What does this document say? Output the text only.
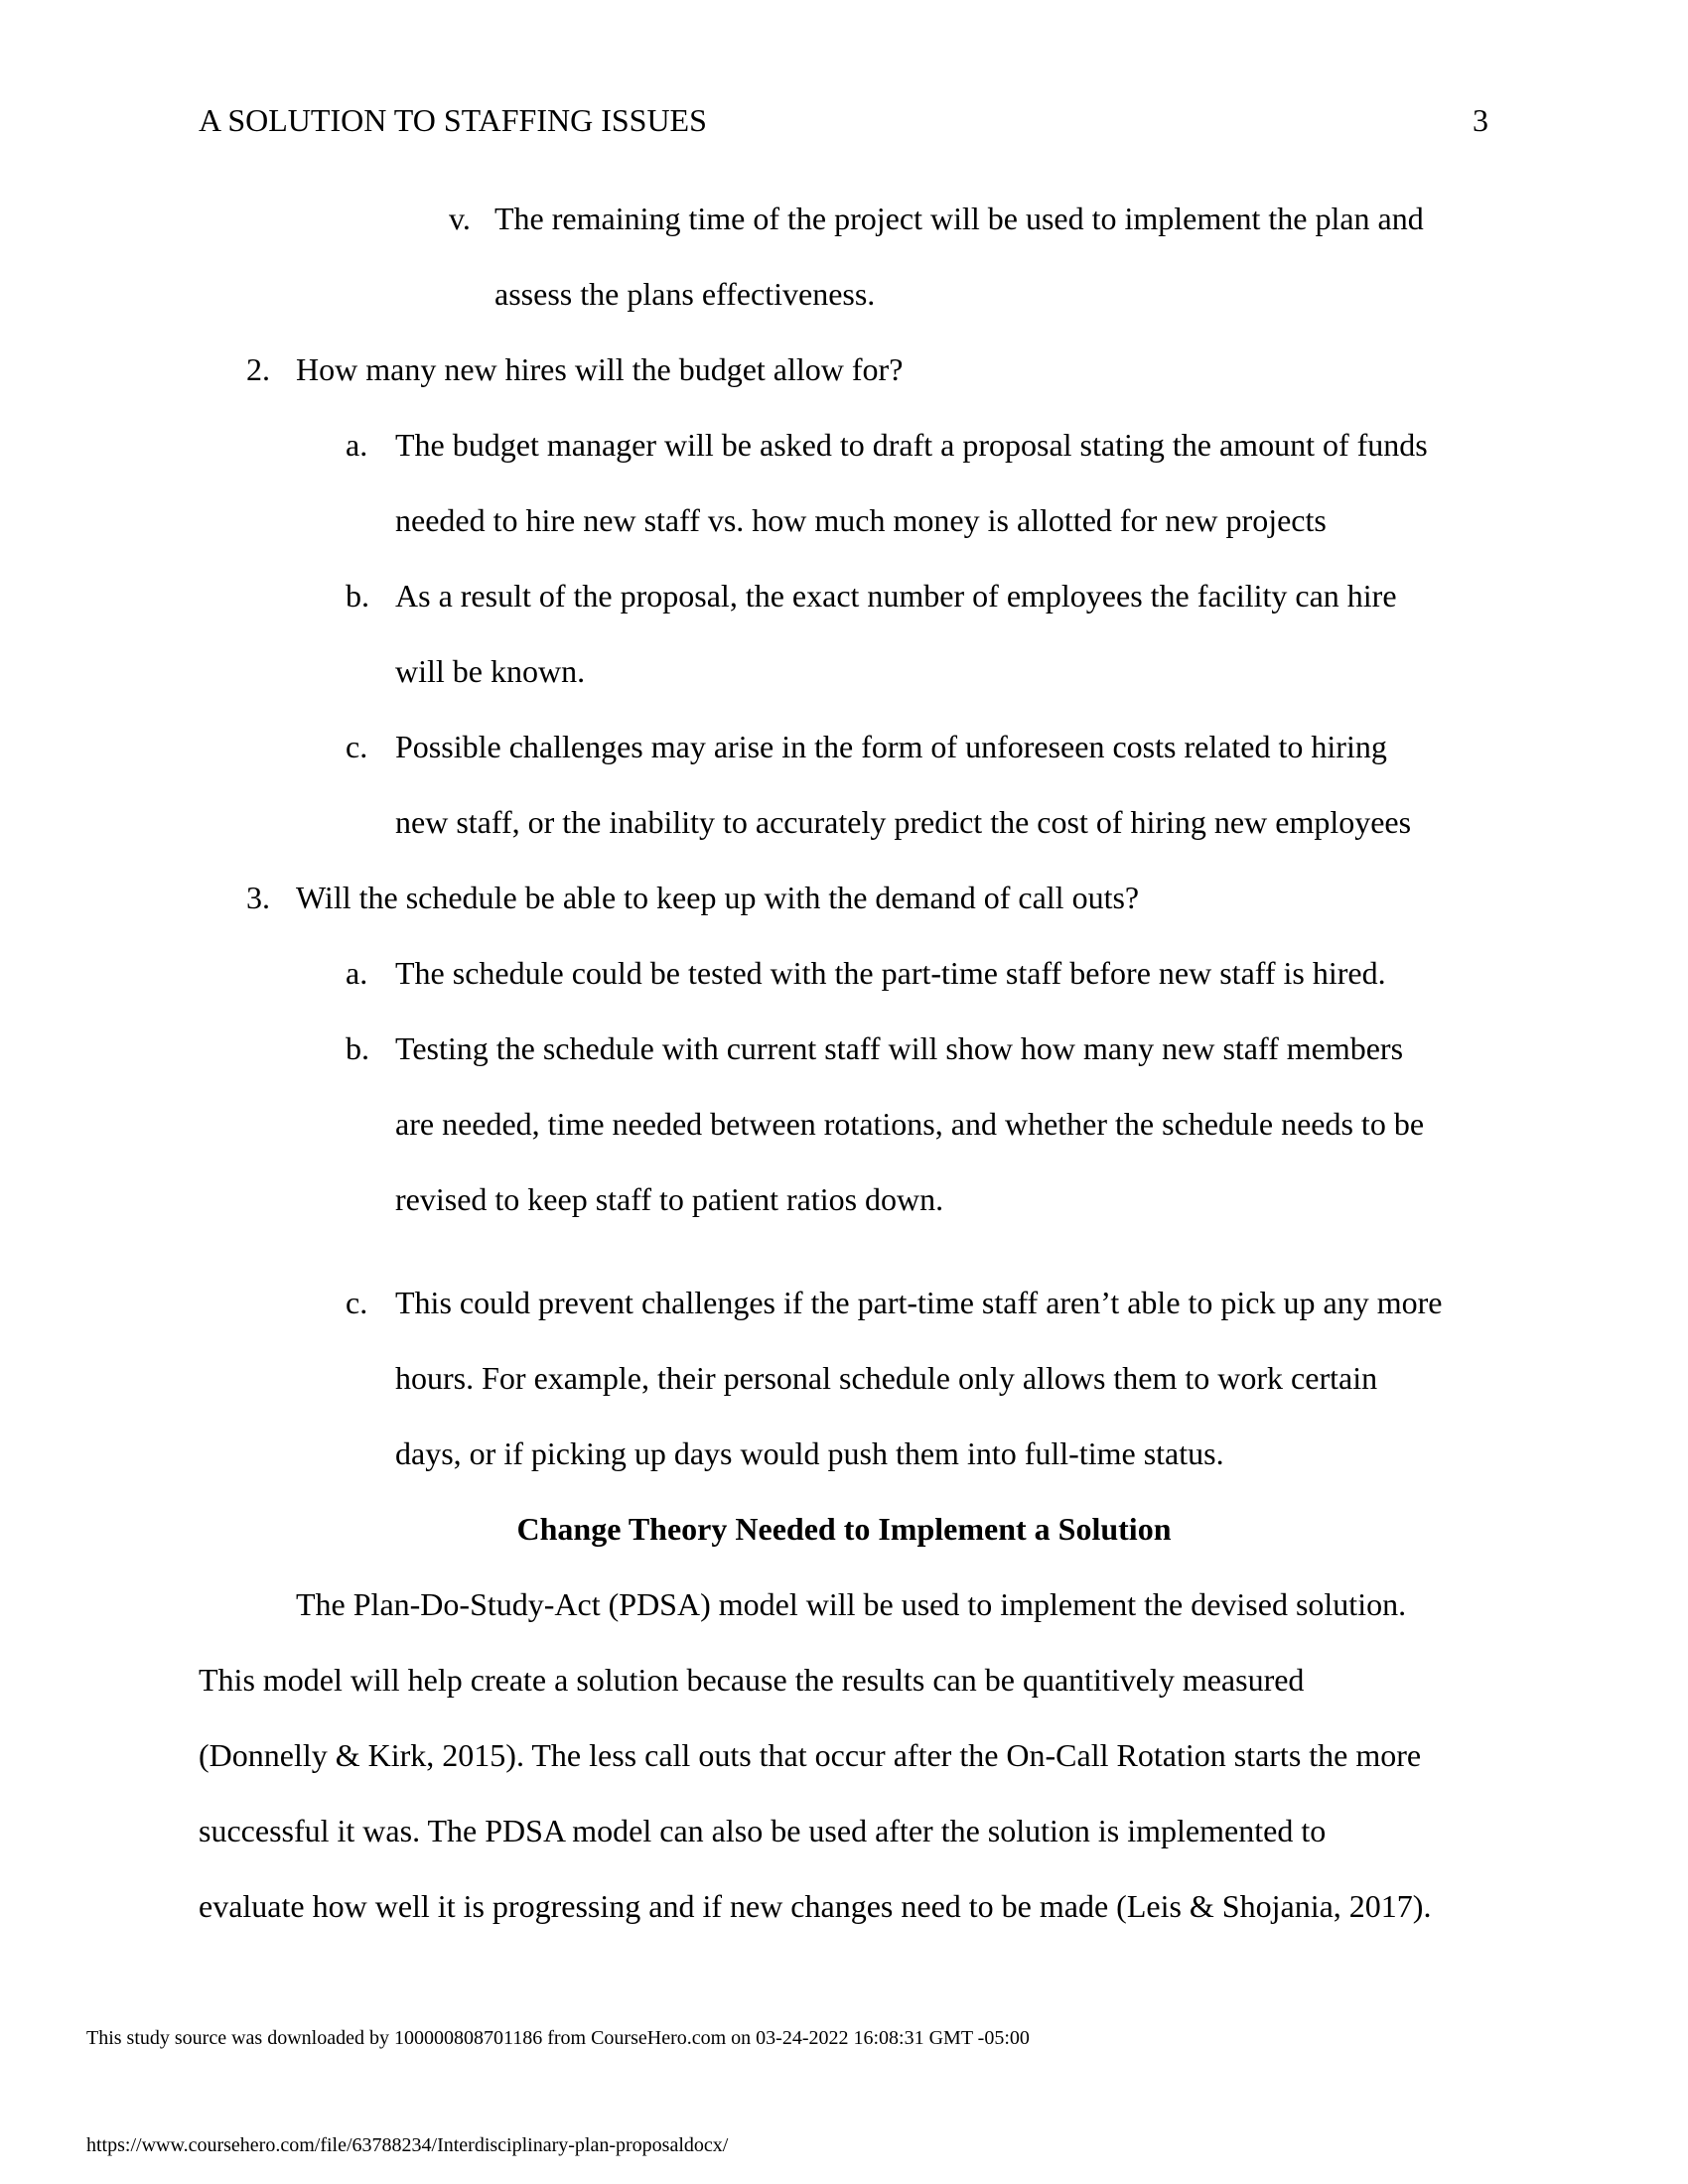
A SOLUTION TO STAFFING ISSUES	3
v. The remaining time of the project will be used to implement the plan and
assess the plans effectiveness.
2. How many new hires will the budget allow for?
a. The budget manager will be asked to draft a proposal stating the amount of funds
needed to hire new staff vs. how much money is allotted for new projects
b. As a result of the proposal, the exact number of employees the facility can hire
will be known.
c. Possible challenges may arise in the form of unforeseen costs related to hiring
new staff, or the inability to accurately predict the cost of hiring new employees
3. Will the schedule be able to keep up with the demand of call outs?
a. The schedule could be tested with the part-time staff before new staff is hired.
b. Testing the schedule with current staff will show how many new staff members
are needed, time needed between rotations, and whether the schedule needs to be
revised to keep staff to patient ratios down.
c. This could prevent challenges if the part-time staff aren’t able to pick up any more
hours. For example, their personal schedule only allows them to work certain
days, or if picking up days would push them into full-time status.
Change Theory Needed to Implement a Solution
The Plan-Do-Study-Act (PDSA) model will be used to implement the devised solution.
This model will help create a solution because the results can be quantitively measured
(Donnelly & Kirk, 2015). The less call outs that occur after the On-Call Rotation starts the more
successful it was. The PDSA model can also be used after the solution is implemented to
evaluate how well it is progressing and if new changes need to be made (Leis & Shojania, 2017).
This study source was downloaded by 100000808701186 from CourseHero.com on 03-24-2022 16:08:31 GMT -05:00
https://www.coursehero.com/file/63788234/Interdisciplinary-plan-proposaldocx/
